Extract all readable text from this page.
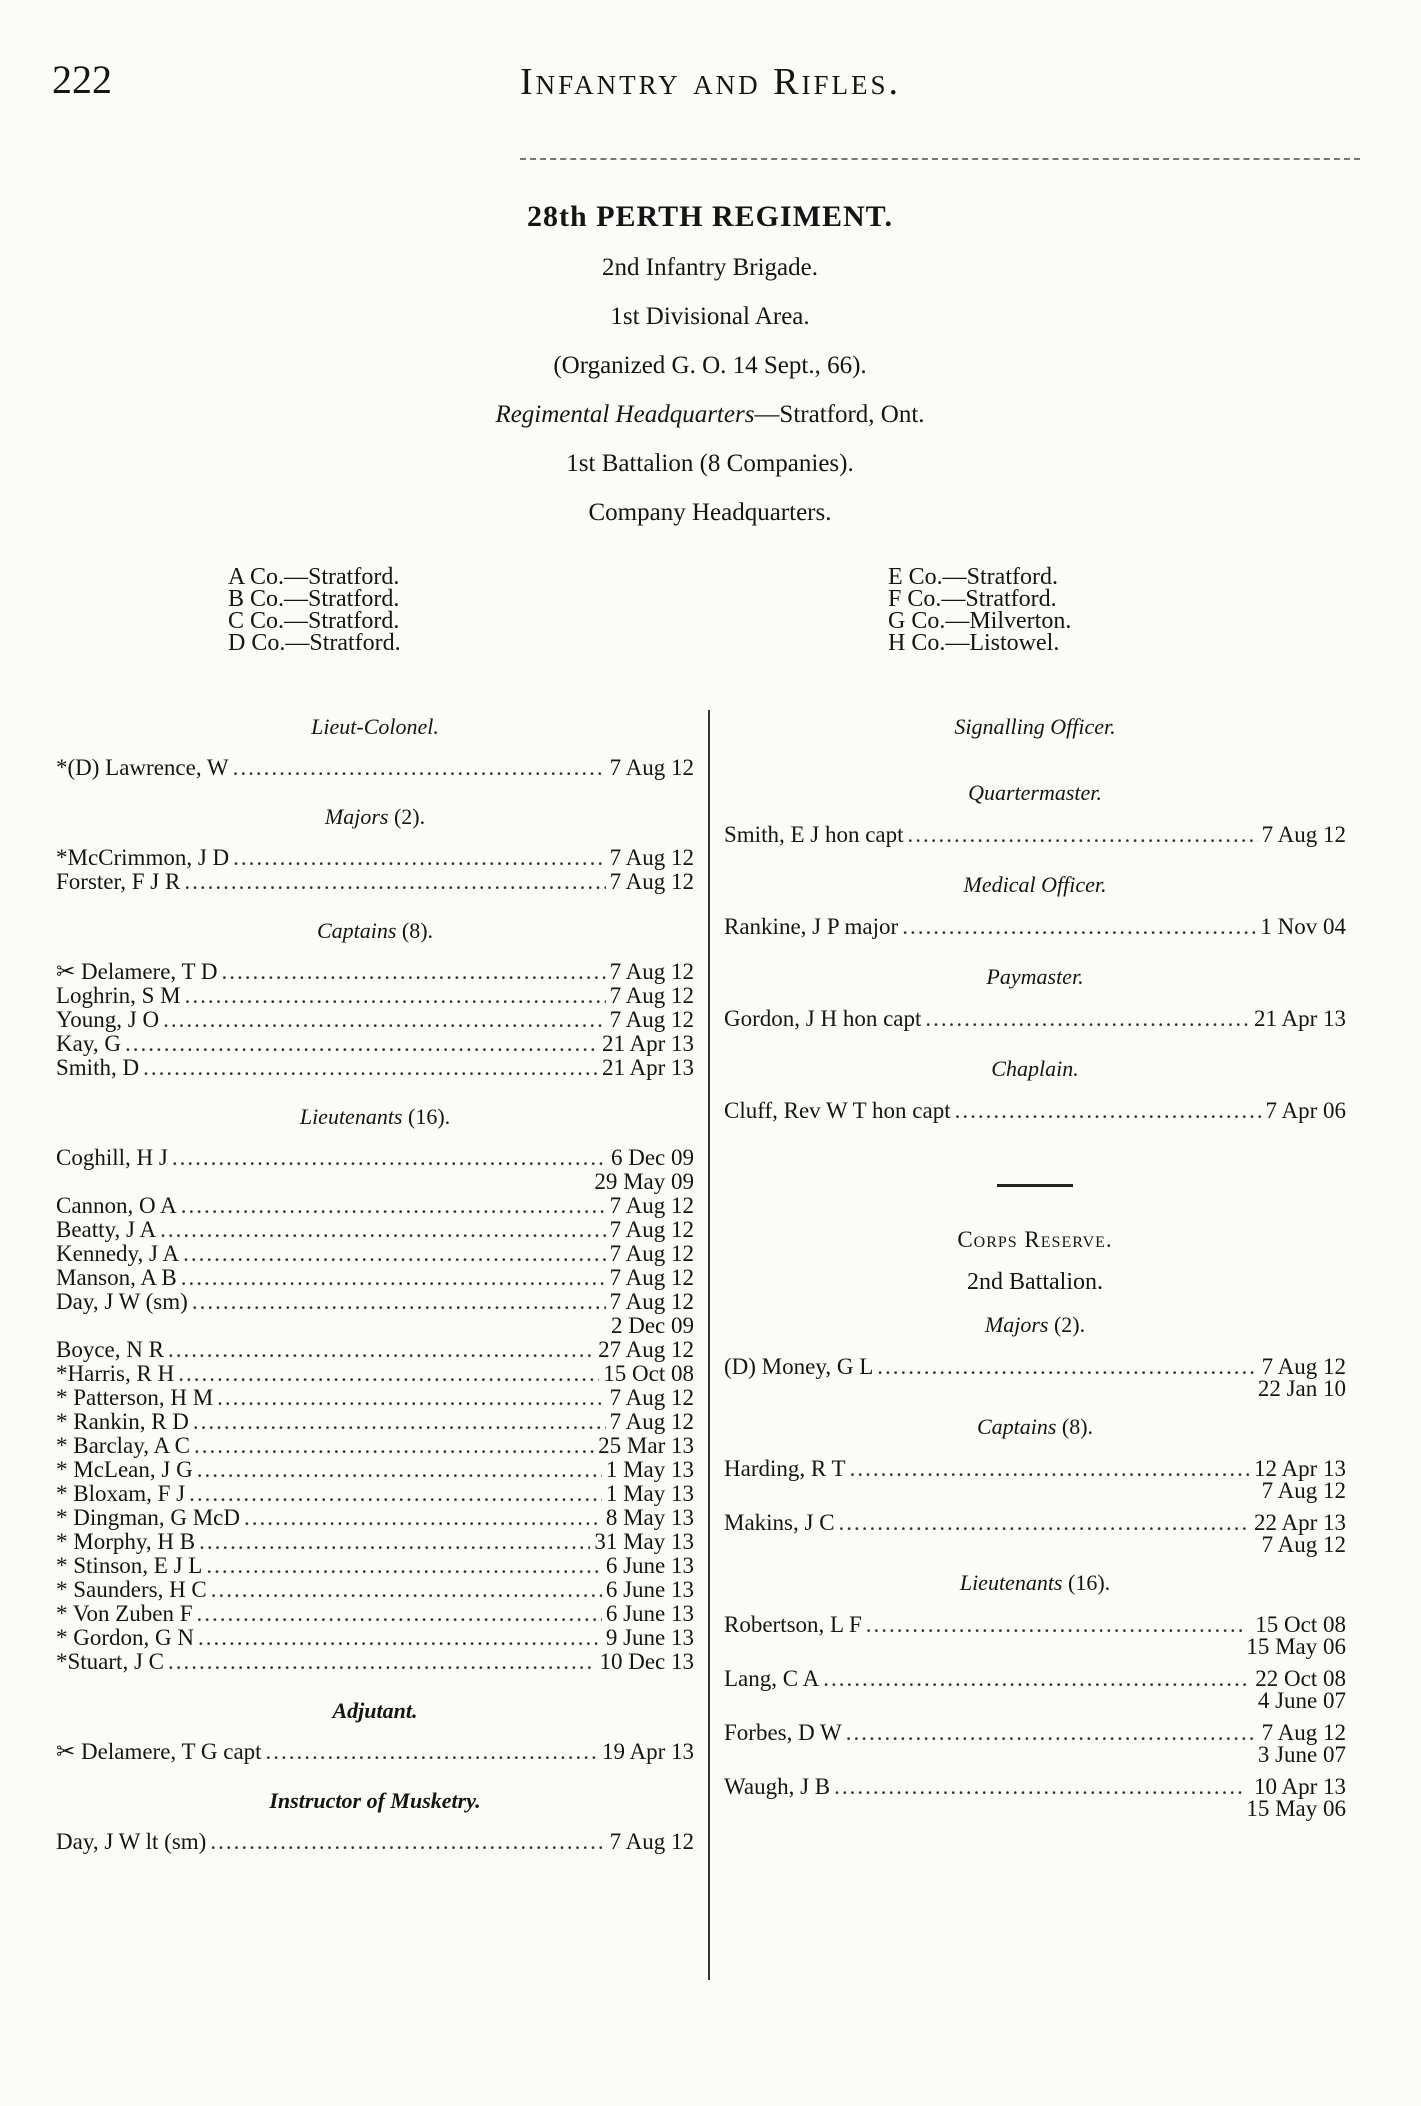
222	Infantry and Rifles.
28th PERTH REGIMENT.
2nd Infantry Brigade.
1st Divisional Area.
(Organized G. O. 14 Sept., 66).
Regimental Headquarters—Stratford, Ont.
1st Battalion (8 Companies).
Company Headquarters.
A Co.—Stratford.
B Co.—Stratford.
C Co.—Stratford.
D Co.—Stratford.
E Co.—Stratford.
F Co.—Stratford.
G Co.—Milverton.
H Co.—Listowel.
Lieut-Colonel.
*(D) Lawrence, W .....	7 Aug 12
Majors (2).
*McCrimmon, J D .....	7 Aug 12
Forster, F J R .....	7 Aug 12
Captains (8).
✂ Delamere, T D .....	7 Aug 12
Loghrin, S M .....	7 Aug 12
Young, J O .....	7 Aug 12
Kay, G .....	21 Apr 13
Smith, D .....	21 Apr 13
Lieutenants (16).
Coghill, H J .....	6 Dec 09
29 May 09
Cannon, O A .....	7 Aug 12
Beatty, J A .....	7 Aug 12
Kennedy, J A .....	7 Aug 12
Manson, A B .....	7 Aug 12
Day, J W (sm) .....	7 Aug 12
2 Dec 09
Boyce, N R .....	27 Aug 12
*Harris, R H .....	15 Oct 08
* Patterson, H M .....	7 Aug 12
* Rankin, R D .....	7 Aug 12
* Barclay, A C .....	25 Mar 13
* McLean, J G .....	1 May 13
* Bloxam, F J .....	1 May 13
* Dingman, G McD .....	8 May 13
* Morphy, H B .....	31 May 13
* Stinson, E J L .....	6 June 13
* Saunders, H C .....	6 June 13
* Von Zuben F .....	6 June 13
* Gordon, G N .....	9 June 13
*Stuart, J C .....	10 Dec 13
Adjutant.
✂ Delamere, T G capt .....	19 Apr 13
Instructor of Musketry.
Day, J W lt (sm) .....	7 Aug 12
Signalling Officer.
Quartermaster.
Smith, E J hon capt .....	7 Aug 12
Medical Officer.
Rankine, J P major .....	1 Nov 04
Paymaster.
Gordon, J H hon capt .....	21 Apr 13
Chaplain.
Cluff, Rev W T hon capt .....	7 Apr 06
Corps Reserve.
2nd Battalion.
Majors (2).
(D) Money, G L .....	7 Aug 12
22 Jan 10
Captains (8).
Harding, R T .....	12 Apr 13
7 Aug 12
Makins, J C .....	22 Apr 13
7 Aug 12
Lieutenants (16).
Robertson, L F .....	15 Oct 08
15 May 06
Lang, C A .....	22 Oct 08
4 June 07
Forbes, D W .....	7 Aug 12
3 June 07
Waugh, J B .....	10 Apr 13
15 May 06
